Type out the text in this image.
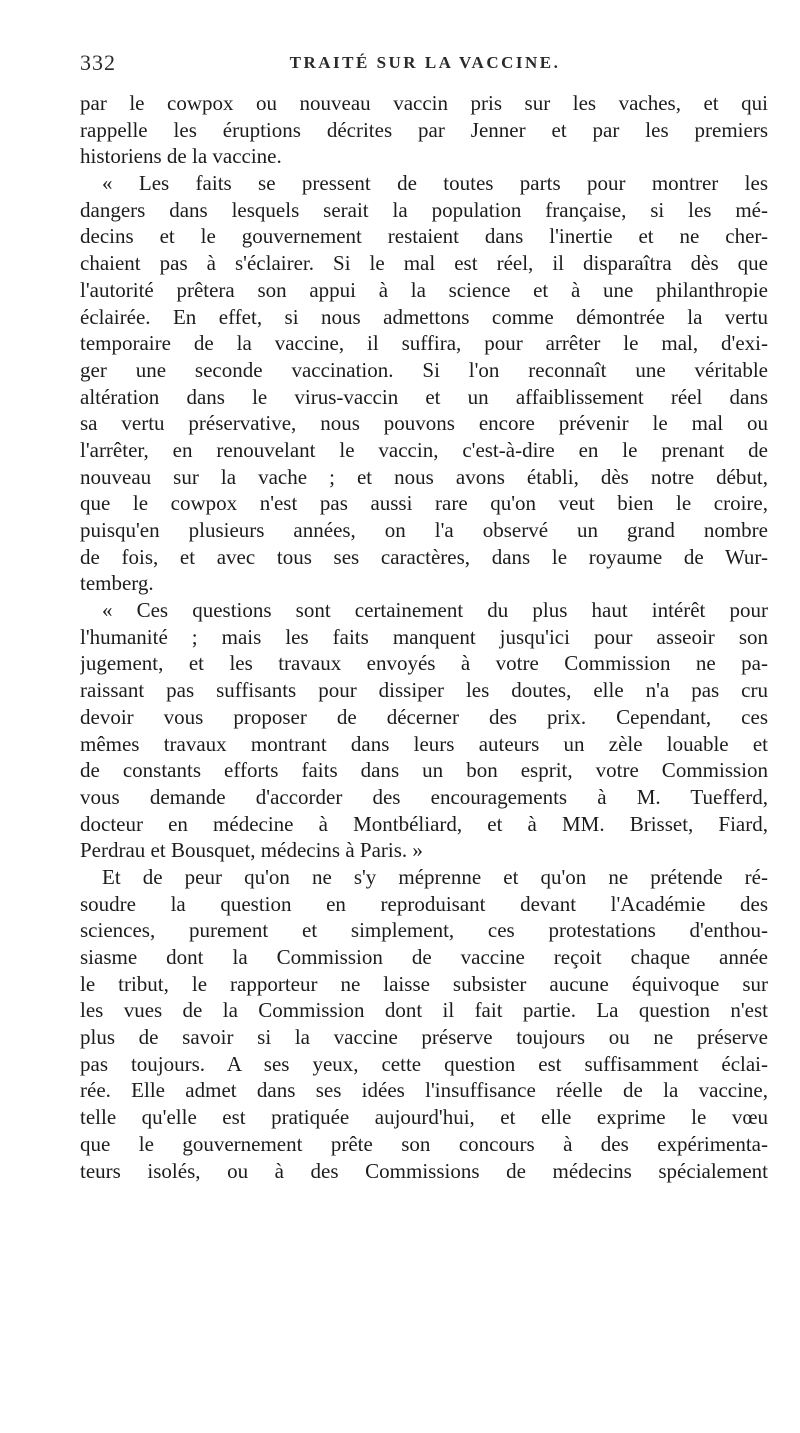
332	TRAITÉ SUR LA VACCINE.
par le cowpox ou nouveau vaccin pris sur les vaches, et qui
rappelle les éruptions décrites par Jenner et par les premiers
historiens de la vaccine.
« Les faits se pressent de toutes parts pour montrer les
dangers dans lesquels serait la population française, si les mé-
decins et le gouvernement restaient dans l'inertie et ne cher-
chaient pas à s'éclairer. Si le mal est réel, il disparaîtra dès que
l'autorité prêtera son appui à la science et à une philanthropie
éclairée. En effet, si nous admettons comme démontrée la vertu
temporaire de la vaccine, il suffira, pour arrêter le mal, d'exi-
ger une seconde vaccination. Si l'on reconnaît une véritable
altération dans le virus-vaccin et un affaiblissement réel dans
sa vertu préservative, nous pouvons encore prévenir le mal ou
l'arrêter, en renouvelant le vaccin, c'est-à-dire en le prenant de
nouveau sur la vache ; et nous avons établi, dès notre début,
que le cowpox n'est pas aussi rare qu'on veut bien le croire,
puisqu'en plusieurs années, on l'a observé un grand nombre
de fois, et avec tous ses caractères, dans le royaume de Wur-
temberg.
« Ces questions sont certainement du plus haut intérêt pour
l'humanité ; mais les faits manquent jusqu'ici pour asseoir son
jugement, et les travaux envoyés à votre Commission ne pa-
raissant pas suffisants pour dissiper les doutes, elle n'a pas cru
devoir vous proposer de décerner des prix. Cependant, ces
mêmes travaux montrant dans leurs auteurs un zèle louable et
de constants efforts faits dans un bon esprit, votre Commission
vous demande d'accorder des encouragements à M. Tuefferd,
docteur en médecine à Montbéliard, et à MM. Brisset, Fiard,
Perdrau et Bousquet, médecins à Paris. »
Et de peur qu'on ne s'y méprenne et qu'on ne prétende ré-
soudre la question en reproduisant devant l'Académie des
sciences, purement et simplement, ces protestations d'enthou-
siasme dont la Commission de vaccine reçoit chaque année
le tribut, le rapporteur ne laisse subsister aucune équivoque sur
les vues de la Commission dont il fait partie. La question n'est
plus de savoir si la vaccine préserve toujours ou ne préserve
pas toujours. A ses yeux, cette question est suffisamment éclai-
rée. Elle admet dans ses idées l'insuffisance réelle de la vaccine,
telle qu'elle est pratiquée aujourd'hui, et elle exprime le vœu
que le gouvernement prête son concours à des expérimenta-
teurs isolés, ou à des Commissions de médecins spécialement
